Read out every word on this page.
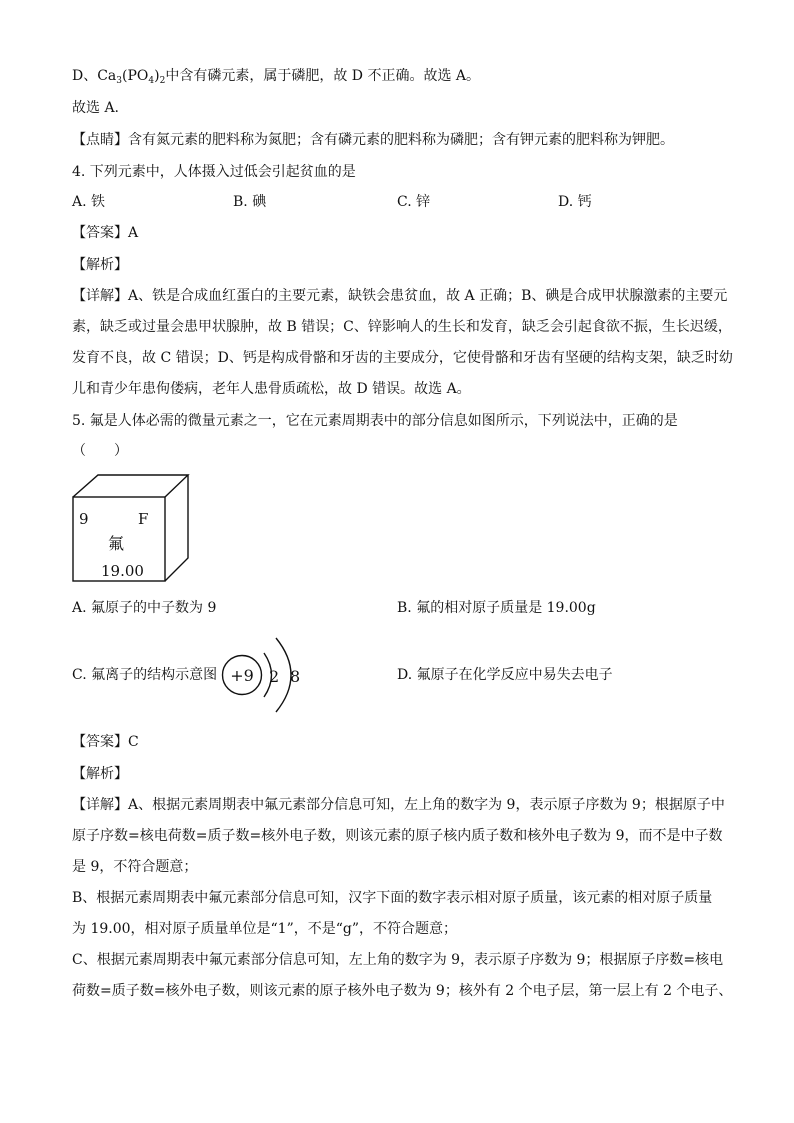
D、$Ca_3(PO_4)_2$中含有磷元素，属于磷肥，故 D 不正确。故选 A。
故选 A.
【点睛】含有氮元素的肥料称为氮肥；含有磷元素的肥料称为磷肥；含有钾元素的肥料称为钾肥。
4. 下列元素中，人体摄入过低会引起贫血的是
A. 铁	B. 碘	C. 锌	D. 钙
【答案】A
【解析】
【详解】A、铁是合成血红蛋白的主要元素，缺铁会患贫血，故 A 正确；B、碘是合成甲状腺激素的主要元
素，缺乏或过量会患甲状腺肿，故 B 错误；C、锌影响人的生长和发育，缺乏会引起食欲不振，生长迟缓，
发育不良，故 C 错误；D、钙是构成骨骼和牙齿的主要成分，它使骨骼和牙齿有坚硬的结构支架，缺乏时幼
儿和青少年患佝偻病，老年人患骨质疏松，故 D 错误。故选 A。
5. 氟是人体必需的微量元素之一，它在元素周期表中的部分信息如图所示，下列说法中，正确的是
（　　）
9	F
氟
19.00
A. 氟原子的中子数为 9	B. 氟的相对原子质量是 19.00g
C. 氟离子的结构示意图	D. 氟原子在化学反应中易失去电子
+9 2 8
【答案】C
【解析】
【详解】A、根据元素周期表中氟元素部分信息可知，左上角的数字为 9，表示原子序数为 9；根据原子中
原子序数=核电荷数=质子数=核外电子数，则该元素的原子核内质子数和核外电子数为 9，而不是中子数
是 9，不符合题意；
B、根据元素周期表中氟元素部分信息可知，汉字下面的数字表示相对原子质量，该元素的相对原子质量
为 19.00，相对原子质量单位是“1”，不是“g”，不符合题意；
C、根据元素周期表中氟元素部分信息可知，左上角的数字为 9，表示原子序数为 9；根据原子序数=核电
荷数=质子数=核外电子数，则该元素的原子核外电子数为 9；核外有 2 个电子层，第一层上有 2 个电子、
